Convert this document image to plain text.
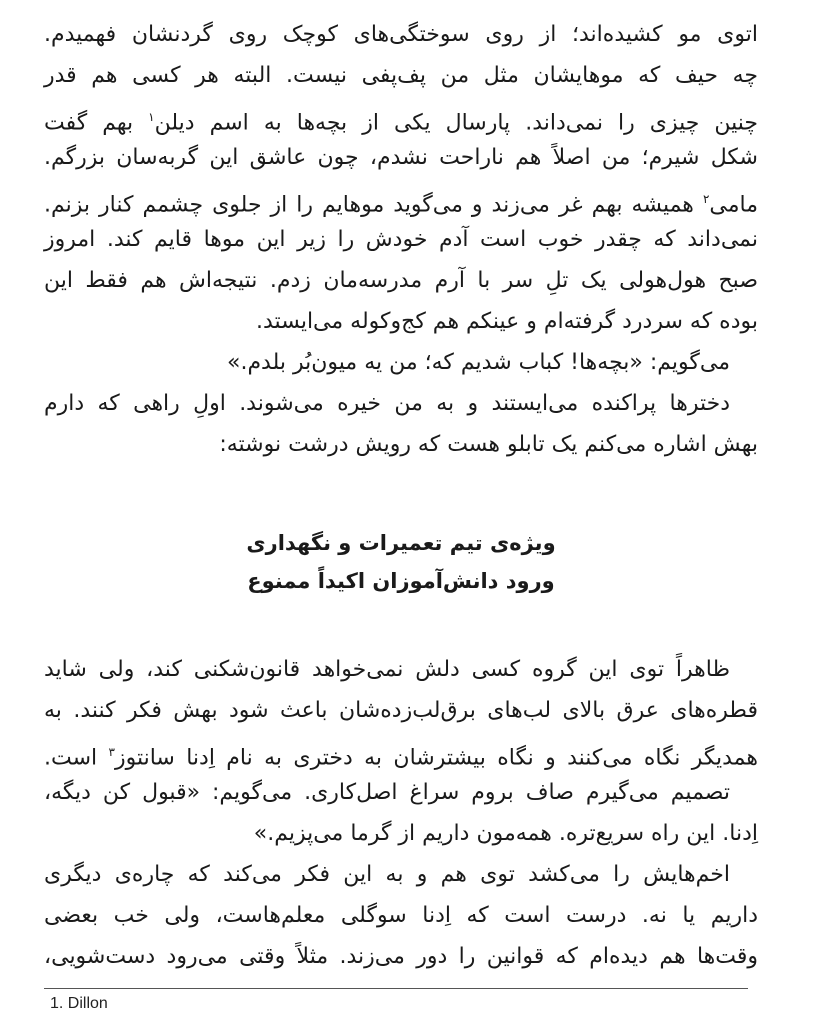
اتوی مو کشیده‌اند؛ از روی سوختگی‌های کوچک روی گردنشان فهمیدم.
چه حیف که موهایشان مثل من پف‌پفی نیست. البته هر کسی هم قدر
چنین چیزی را نمی‌داند. پارسال یکی از بچه‌ها به اسم دیلن$^۱$ بهم گفت
شکل شیرم؛ من اصلاً هم ناراحت نشدم، چون عاشق این گربه‌سان بزرگم.
مامی$^۲$ همیشه بهم غر می‌زند و می‌گوید موهایم را از جلوی چشمم کنار بزنم.
نمی‌داند که چقدر خوب است آدم خودش را زیر این موها قایم کند. امروز
صبح هول‌هولی یک تلِ سر با آرم مدرسه‌مان زدم. نتیجه‌اش هم فقط این
بوده که سردرد گرفته‌ام و عینکم هم کج‌وکوله می‌ایستد.
می‌گویم: «بچه‌ها! کباب شدیم که؛ من یه میون‌بُر بلدم.»
دخترها پراکنده می‌ایستند و به من خیره می‌شوند. اولِ راهی که دارم
بهش اشاره می‌کنم یک تابلو هست که رویش درشت نوشته:
ویژه‌ی تیم تعمیرات و نگهداری
ورود دانش‌آموزان اکیداً ممنوع
ظاهراً توی این گروه کسی دلش نمی‌خواهد قانون‌شکنی کند، ولی شاید
قطره‌های عرق بالای لب‌های برق‌لب‌زده‌شان باعث شود بهش فکر کنند. به
همدیگر نگاه می‌کنند و نگاه بیشترشان به دختری به نام اِدنا سانتوز$^۳$ است.
تصمیم می‌گیرم صاف بروم سراغ اصل‌کاری. می‌گویم: «قبول کن دیگه،
اِدنا. این راه سریع‌تره. همه‌مون داریم از گرما می‌پزیم.»
اخم‌هایش را می‌کشد توی هم و به این فکر می‌کند که چاره‌ی دیگری
داریم یا نه. درست است که اِدنا سوگلی معلم‌هاست، ولی خب بعضی
وقت‌ها هم دیده‌ام که قوانین را دور می‌زند. مثلاً وقتی می‌رود دست‌شویی،
1. Dillon
